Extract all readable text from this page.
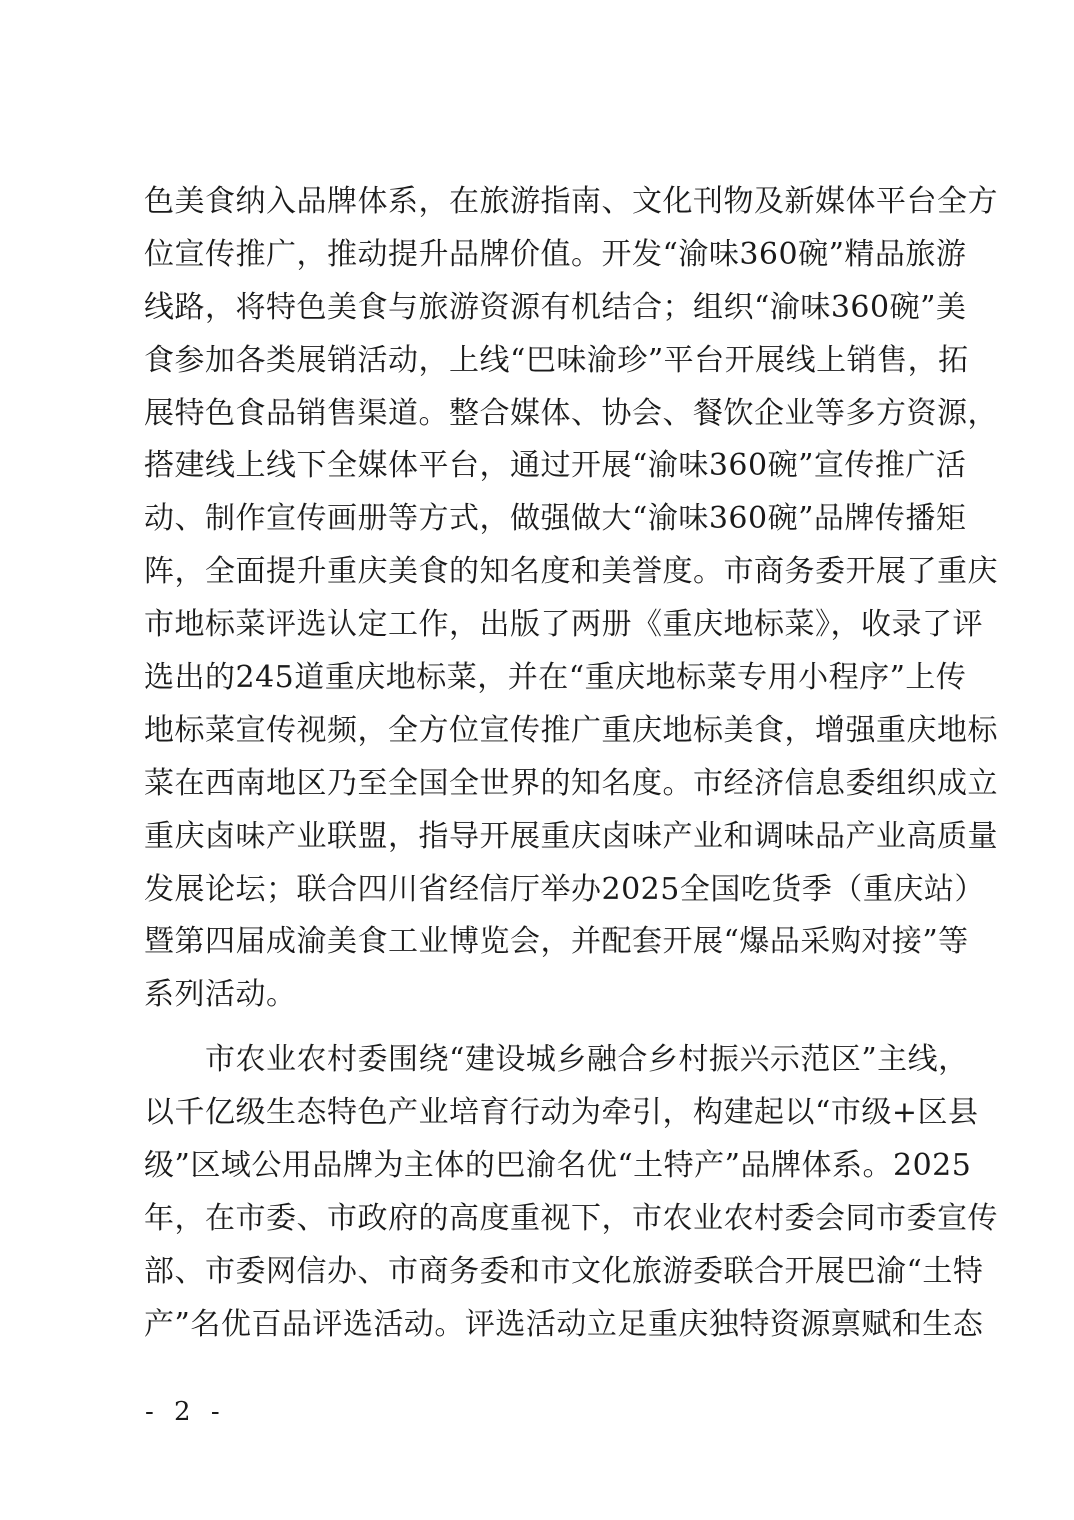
色美食纳入品牌体系，在旅游指南、文化刊物及新媒体平台全方
位宣传推广，推动提升品牌价值。开发“渝味360碗”精品旅游
线路，将特色美食与旅游资源有机结合；组织“渝味360碗”美
食参加各类展销活动，上线“巴味渝珍”平台开展线上销售，拓
展特色食品销售渠道。整合媒体、协会、餐饮企业等多方资源，
搭建线上线下全媒体平台，通过开展“渝味360碗”宣传推广活
动、制作宣传画册等方式，做强做大“渝味360碗”品牌传播矩
阵，全面提升重庆美食的知名度和美誉度。市商务委开展了重庆
市地标菜评选认定工作，出版了两册《重庆地标菜》，收录了评
选出的245道重庆地标菜，并在“重庆地标菜专用小程序”上传
地标菜宣传视频，全方位宣传推广重庆地标美食，增强重庆地标
菜在西南地区乃至全国全世界的知名度。市经济信息委组织成立
重庆卤味产业联盟，指导开展重庆卤味产业和调味品产业高质量
发展论坛；联合四川省经信厅举办2025全国吃货季（重庆站）
暨第四届成渝美食工业博览会，并配套开展“爆品采购对接”等
系列活动。
　　市农业农村委围绕“建设城乡融合乡村振兴示范区”主线，
以千亿级生态特色产业培育行动为牵引，构建起以“市级+区县
级”区域公用品牌为主体的巴渝名优“土特产”品牌体系。2025
年，在市委、市政府的高度重视下，市农业农村委会同市委宣传
部、市委网信办、市商务委和市文化旅游委联合开展巴渝“土特
产”名优百品评选活动。评选活动立足重庆独特资源禀赋和生态
- 2 -
